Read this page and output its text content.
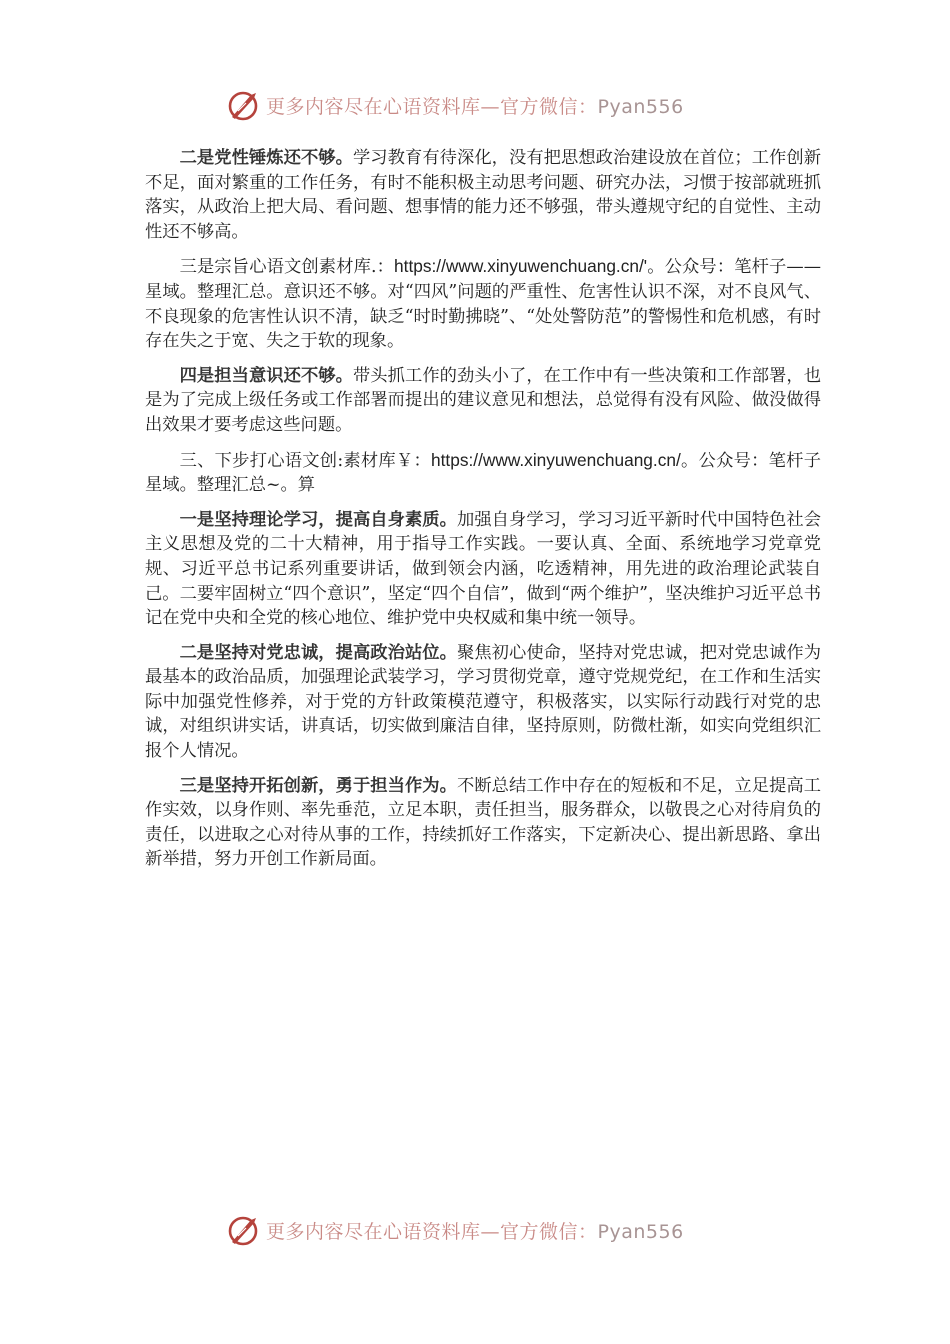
更多内容尽在心语资料库—官方微信：Pyan556

二是党性锤炼还不够。学习教育有待深化，没有把思想政治建设放在首位；工作创新不足，面对繁重的工作任务，有时不能积极主动思考问题、研究办法，习惯于按部就班抓落实，从政治上把大局、看问题、想事情的能力还不够强，带头遵规守纪的自觉性、主动性还不够高。

三是宗旨心语文创素材库.：https://www.xinyuwenchuang.cn/'。公众号：笔杆子——星域。整理汇总。意识还不够。对“四风”问题的严重性、危害性认识不深，对不良风气、不良现象的危害性认识不清，缺乏“时时勤拂晓”、“处处警防范”的警惕性和危机感，有时存在失之于宽、失之于软的现象。

四是担当意识还不够。带头抓工作的劲头小了，在工作中有一些决策和工作部署，也是为了完成上级任务或工作部署而提出的建议意见和想法，总觉得有没有风险、做没做得出效果才要考虑这些问题。

三、下步打心语文创:素材库￥：https://www.xinyuwenchuang.cn/。公众号：笔杆子星域。整理汇总~。算

一是坚持理论学习，提高自身素质。加强自身学习，学习习近平新时代中国特色社会主义思想及党的二十大精神，用于指导工作实践。一要认真、全面、系统地学习党章党规、习近平总书记系列重要讲话，做到领会内涵，吃透精神，用先进的政治理论武装自己。二要牢固树立“四个意识”，坚定“四个自信”，做到“两个维护”，坚决维护习近平总书记在党中央和全党的核心地位、维护党中央权威和集中统一领导。

二是坚持对党忠诚，提高政治站位。聚焦初心使命，坚持对党忠诚，把对党忠诚作为最基本的政治品质，加强理论武装学习，学习贯彻党章，遵守党规党纪，在工作和生活实际中加强党性修养，对于党的方针政策模范遵守，积极落实，以实际行动践行对党的忠诚，对组织讲实话，讲真话，切实做到廉洁自律，坚持原则，防微杜渐，如实向党组织汇报个人情况。

三是坚持开拓创新，勇于担当作为。不断总结工作中存在的短板和不足，立足提高工作实效，以身作则、率先垂范，立足本职，责任担当，服务群众，以敬畏之心对待肩负的责任，以进取之心对待从事的工作，持续抓好工作落实，下定新决心、提出新思路、拿出新举措，努力开创工作新局面。

更多内容尽在心语资料库—官方微信：Pyan556
